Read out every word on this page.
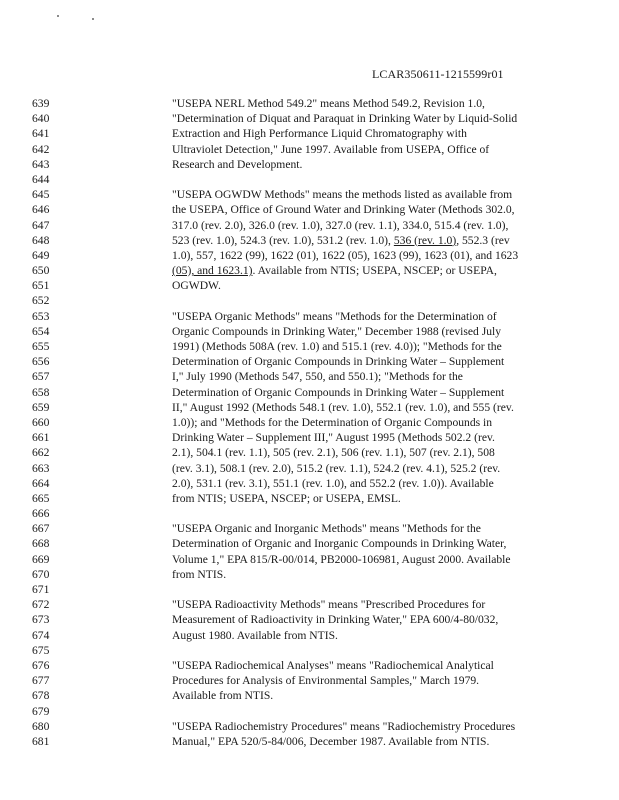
LCAR350611-1215599r01
639	"USEPA NERL Method 549.2" means Method 549.2, Revision 1.0,
640	"Determination of Diquat and Paraquat in Drinking Water by Liquid-Solid
641	Extraction and High Performance Liquid Chromatography with
642	Ultraviolet Detection," June 1997. Available from USEPA, Office of
643	Research and Development.
644
645	"USEPA OGWDW Methods" means the methods listed as available from
646	the USEPA, Office of Ground Water and Drinking Water (Methods 302.0,
647	317.0 (rev. 2.0), 326.0 (rev. 1.0), 327.0 (rev. 1.1), 334.0, 515.4 (rev. 1.0),
648	523 (rev. 1.0), 524.3 (rev. 1.0), 531.2 (rev. 1.0), 536 (rev. 1.0), 552.3 (rev
649	1.0), 557, 1622 (99), 1622 (01), 1622 (05), 1623 (99), 1623 (01), and 1623
650	(05), and 1623.1). Available from NTIS; USEPA, NSCEP; or USEPA,
651	OGWDW.
652
653	"USEPA Organic Methods" means "Methods for the Determination of
654	Organic Compounds in Drinking Water," December 1988 (revised July
655	1991) (Methods 508A (rev. 1.0) and 515.1 (rev. 4.0)); "Methods for the
656	Determination of Organic Compounds in Drinking Water – Supplement
657	I," July 1990 (Methods 547, 550, and 550.1); "Methods for the
658	Determination of Organic Compounds in Drinking Water – Supplement
659	II," August 1992 (Methods 548.1 (rev. 1.0), 552.1 (rev. 1.0), and 555 (rev.
660	1.0)); and "Methods for the Determination of Organic Compounds in
661	Drinking Water – Supplement III," August 1995 (Methods 502.2 (rev.
662	2.1), 504.1 (rev. 1.1), 505 (rev. 2.1), 506 (rev. 1.1), 507 (rev. 2.1), 508
663	(rev. 3.1), 508.1 (rev. 2.0), 515.2 (rev. 1.1), 524.2 (rev. 4.1), 525.2 (rev.
664	2.0), 531.1 (rev. 3.1), 551.1 (rev. 1.0), and 552.2 (rev. 1.0)). Available
665	from NTIS; USEPA, NSCEP; or USEPA, EMSL.
666
667	"USEPA Organic and Inorganic Methods" means "Methods for the
668	Determination of Organic and Inorganic Compounds in Drinking Water,
669	Volume 1," EPA 815/R-00/014, PB2000-106981, August 2000. Available
670	from NTIS.
671
672	"USEPA Radioactivity Methods" means "Prescribed Procedures for
673	Measurement of Radioactivity in Drinking Water," EPA 600/4-80/032,
674	August 1980. Available from NTIS.
675
676	"USEPA Radiochemical Analyses" means "Radiochemical Analytical
677	Procedures for Analysis of Environmental Samples," March 1979.
678	Available from NTIS.
679
680	"USEPA Radiochemistry Procedures" means "Radiochemistry Procedures
681	Manual," EPA 520/5-84/006, December 1987. Available from NTIS.
